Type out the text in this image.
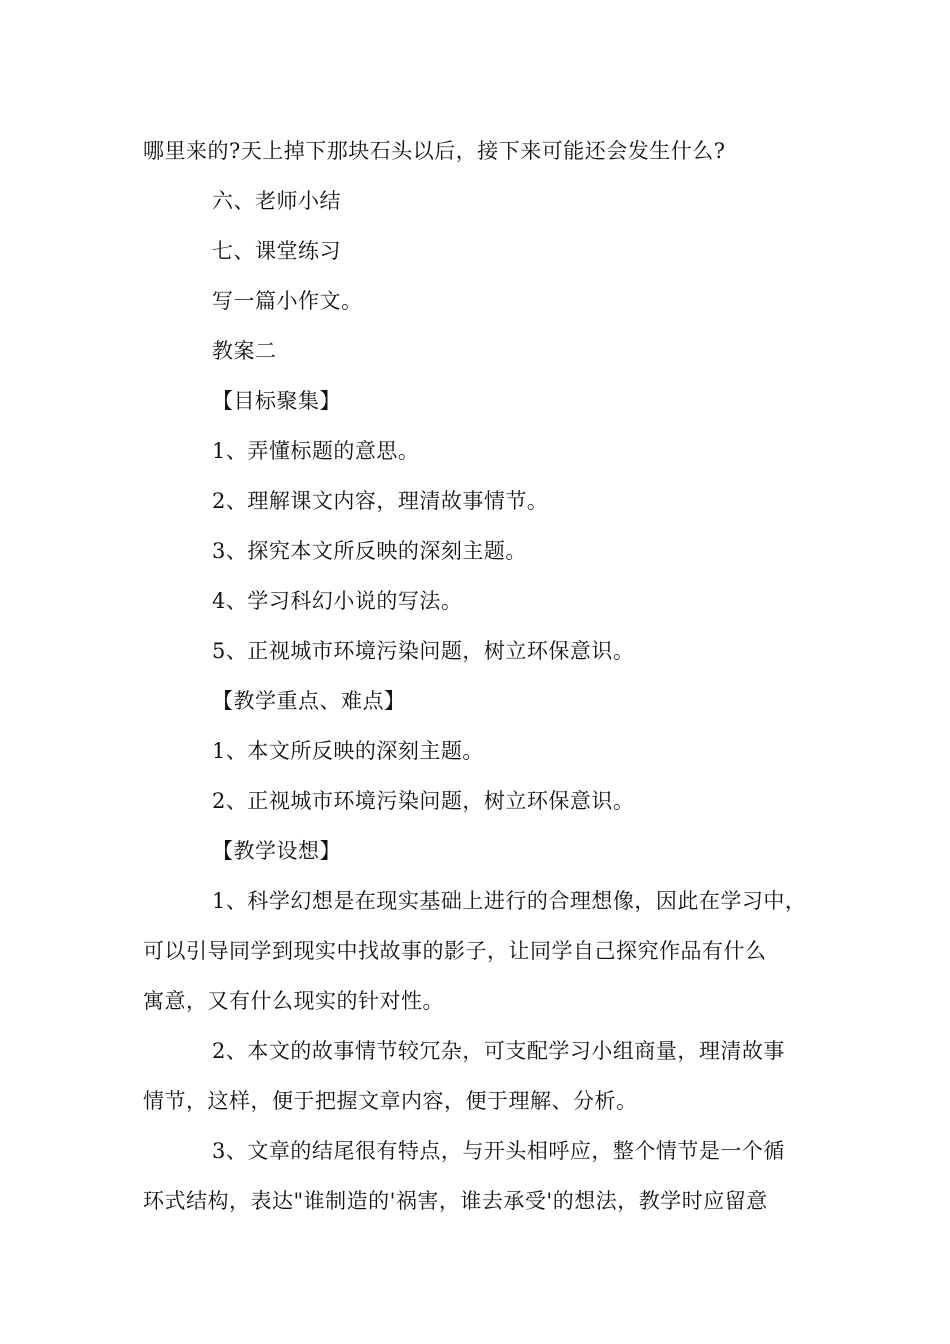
哪里来的?天上掉下那块石头以后，接下来可能还会发生什么?
六、老师小结
七、课堂练习
写一篇小作文。
教案二
【目标聚集】
1、弄懂标题的意思。
2、理解课文内容，理清故事情节。
3、探究本文所反映的深刻主题。
4、学习科幻小说的写法。
5、正视城市环境污染问题，树立环保意识。
【教学重点、难点】
1、本文所反映的深刻主题。
2、正视城市环境污染问题，树立环保意识。
【教学设想】
1、科学幻想是在现实基础上进行的合理想像，因此在学习中，
可以引导同学到现实中找故事的影子，让同学自己探究作品有什么
寓意，又有什么现实的针对性。
2、本文的故事情节较冗杂，可支配学习小组商量，理清故事
情节，这样，便于把握文章内容，便于理解、分析。
3、文章的结尾很有特点，与开头相呼应，整个情节是一个循
环式结构，表达"谁制造的'祸害，谁去承受'的想法，教学时应留意
